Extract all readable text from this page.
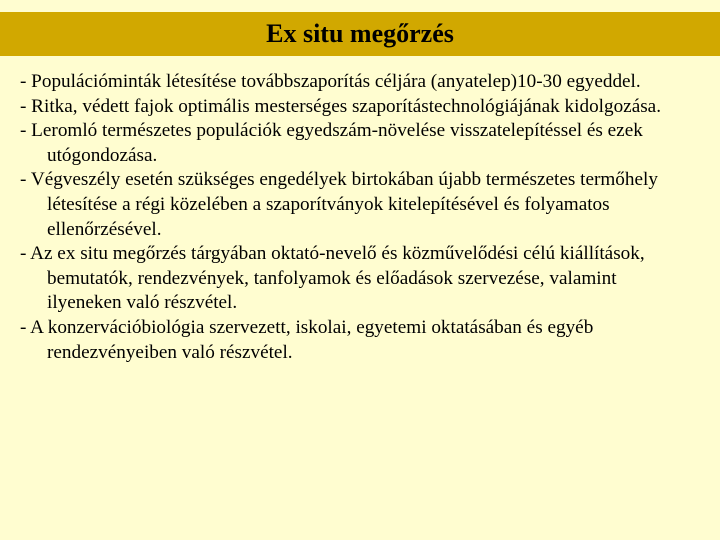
Ex situ megőrzés

- Populációminták létesítése továbbszaporítás céljára (anyatelep)10-30 egyeddel.

- Ritka, védett fajok optimális mesterséges szaporítástechnológiájának kidolgozása.

- Leromló természetes populációk egyedszám-növelése visszatelepítéssel és ezek utógondozása.

- Végveszély esetén szükséges engedélyek birtokában újabb természetes termőhely létesítése a régi közelében a szaporítványok kitelepítésével és folyamatos ellenőrzésével.

- Az ex situ megőrzés tárgyában oktató-nevelő és közművelődési célú kiállítások, bemutatók, rendezvények, tanfolyamok és előadások szervezése, valamint ilyeneken való részvétel.

- A konzervációbiológia szervezett, iskolai, egyetemi oktatásában és egyéb rendezvényeiben való részvétel.
